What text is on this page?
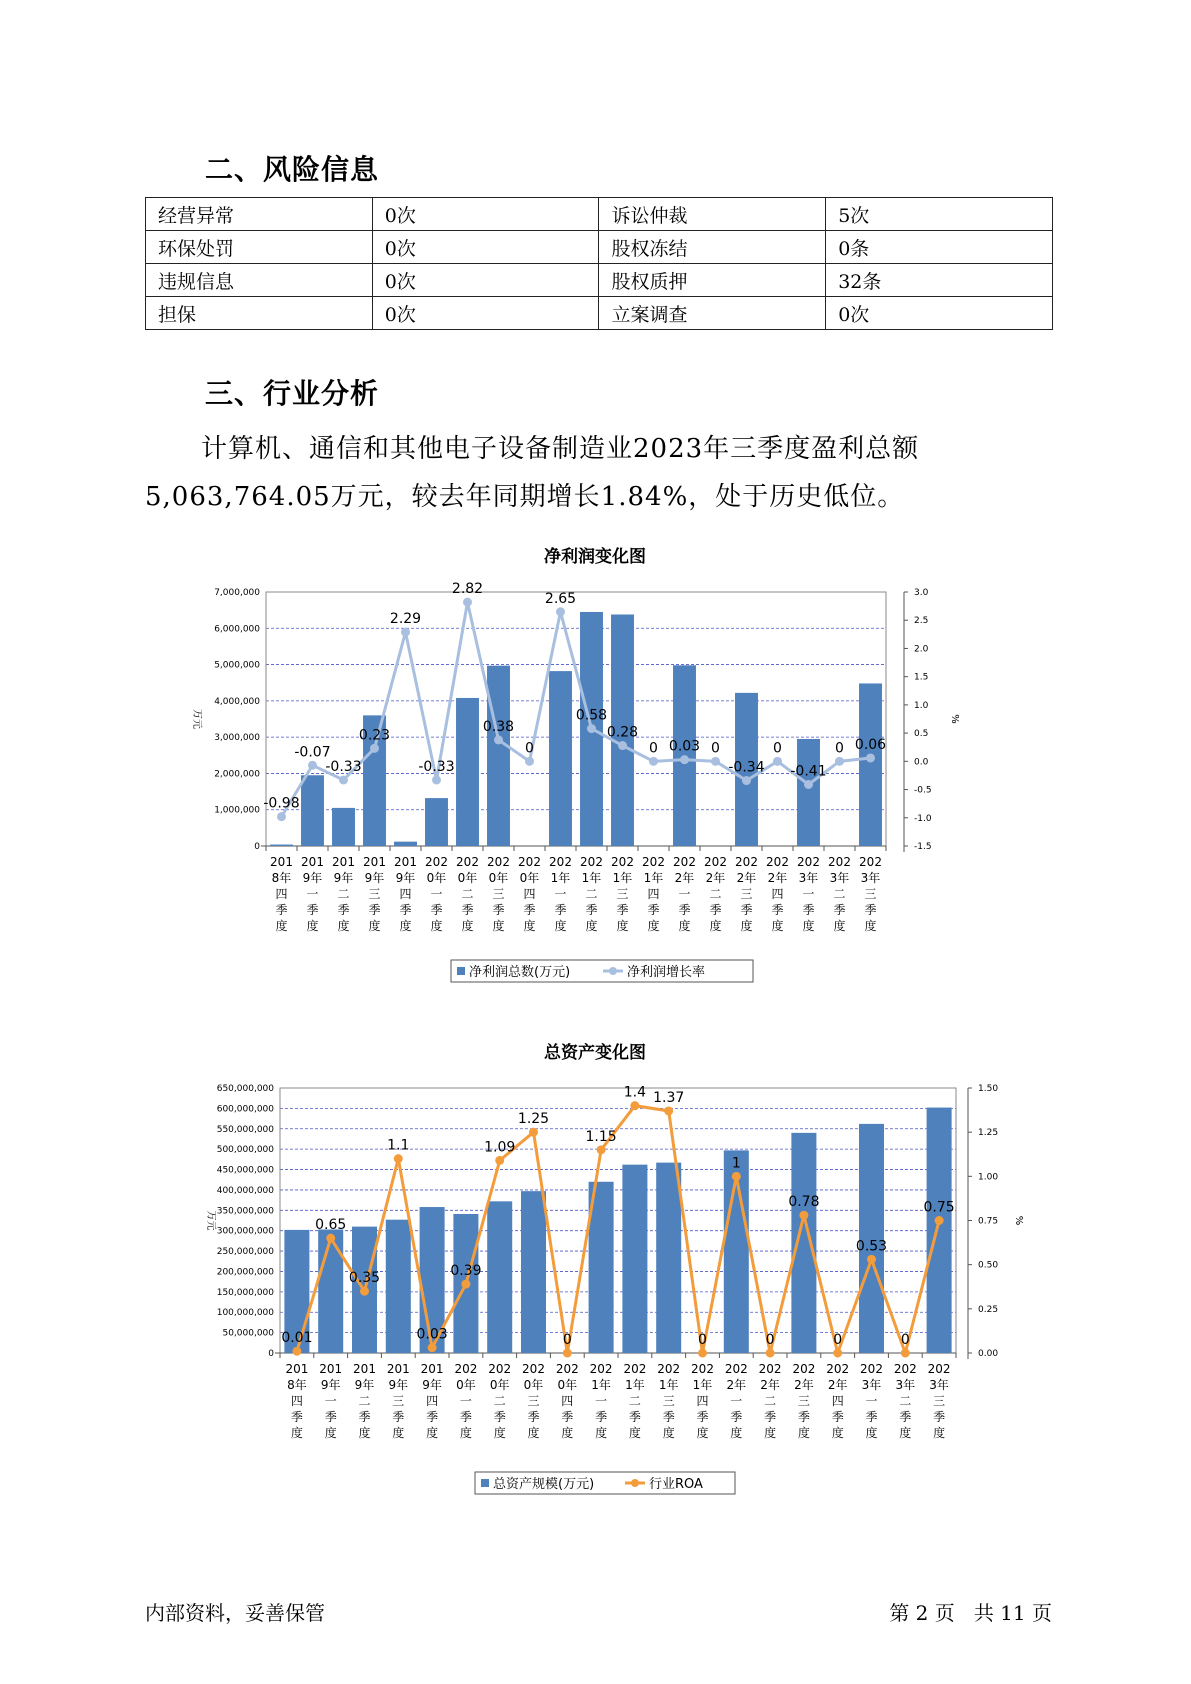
二、风险信息
经营异常	0次	诉讼仲裁	5次
环保处罚	0次	股权冻结	0条
违规信息	0次	股权质押	32条
担保	0次	立案调查	0次
三、行业分析
计算机、通信和其他电子设备制造业2023年三季度盈利总额
5,063,764.05万元，较去年同期增长1.84%，处于历史低位。
净利润变化图
0
1,000,000
2,000,000
3,000,000
4,000,000
5,000,000
6,000,000
7,000,000
-1.5
-1.0
-0.5
0.0
0.5
1.0
1.5
2.0
2.5
3.0
万元	%
-0.98
-0.07
-0.33
0.23
2.29
-0.33
2.82
0.38
0
2.65
0.58
0.28
0 0.03 0
-0.34
0
-0.41
0 0.06
201 8年四季度
201 9年一季度
201 9年二季度
201 9年三季度
201 9年四季度
202 0年一季度
202 0年二季度
202 0年三季度
202 0年四季度
202 1年一季度
202 1年二季度
202 1年三季度
202 1年四季度
202 2年一季度
202 2年二季度
202 2年三季度
202 2年四季度
202 3年一季度
202 3年二季度
202 3年三季度
净利润总数(万元)	净利润增长率
总资产变化图
0
50,000,000
100,000,000
150,000,000
200,000,000
250,000,000
300,000,000
350,000,000
400,000,000
450,000,000
500,000,000
550,000,000
600,000,000
650,000,000
0.00
0.25
0.50
0.75
1.00
1.25
1.50
万元	%
0.01
0.65
0.35
1.1
0.03
0.39
1.09
1.25
0
1.15
1.4 1.37
0
1
0
0.78
0
0.53
0
0.75
201 8年四季度
201 9年一季度
201 9年二季度
201 9年三季度
201 9年四季度
202 0年一季度
202 0年二季度
202 0年三季度
202 0年四季度
202 1年一季度
202 1年二季度
202 1年三季度
202 1年四季度
202 2年一季度
202 2年二季度
202 2年三季度
202 2年四季度
202 3年一季度
202 3年二季度
202 3年三季度
总资产规模(万元)	行业ROA
内部资料，妥善保管	第 2 页   共 11 页
